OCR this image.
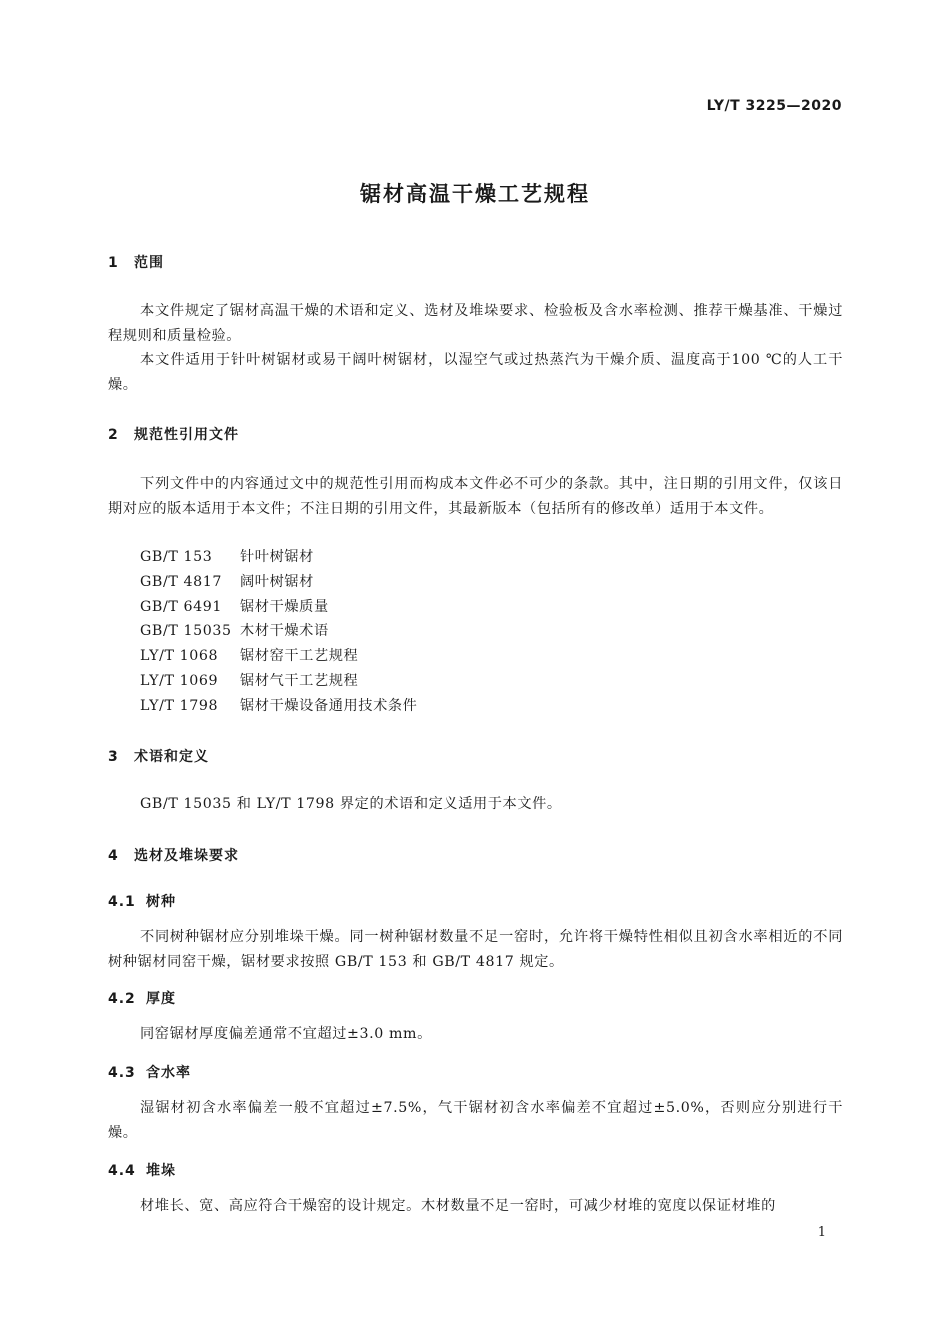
LY/T 3225—2020
锯材高温干燥工艺规程
1 范围
本文件规定了锯材高温干燥的术语和定义、选材及堆垛要求、检验板及含水率检测、推荐干燥基准、干燥过程规则和质量检验。
本文件适用于针叶树锯材或易干阔叶树锯材，以湿空气或过热蒸汽为干燥介质、温度高于100 ℃的人工干燥。
2 规范性引用文件
下列文件中的内容通过文中的规范性引用而构成本文件必不可少的条款。其中，注日期的引用文件，仅该日期对应的版本适用于本文件；不注日期的引用文件，其最新版本（包括所有的修改单）适用于本文件。
GB/T 153 针叶树锯材
GB/T 4817 阔叶树锯材
GB/T 6491 锯材干燥质量
GB/T 15035 木材干燥术语
LY/T 1068 锯材窑干工艺规程
LY/T 1069 锯材气干工艺规程
LY/T 1798 锯材干燥设备通用技术条件
3 术语和定义
GB/T 15035 和 LY/T 1798 界定的术语和定义适用于本文件。
4 选材及堆垛要求
4.1 树种
不同树种锯材应分别堆垛干燥。同一树种锯材数量不足一窑时，允许将干燥特性相似且初含水率相近的不同树种锯材同窑干燥，锯材要求按照 GB/T 153 和 GB/T 4817 规定。
4.2 厚度
同窑锯材厚度偏差通常不宜超过±3.0 mm。
4.3 含水率
湿锯材初含水率偏差一般不宜超过±7.5%，气干锯材初含水率偏差不宜超过±5.0%，否则应分别进行干燥。
4.4 堆垛
材堆长、宽、高应符合干燥窑的设计规定。木材数量不足一窑时，可减少材堆的宽度以保证材堆的
1
